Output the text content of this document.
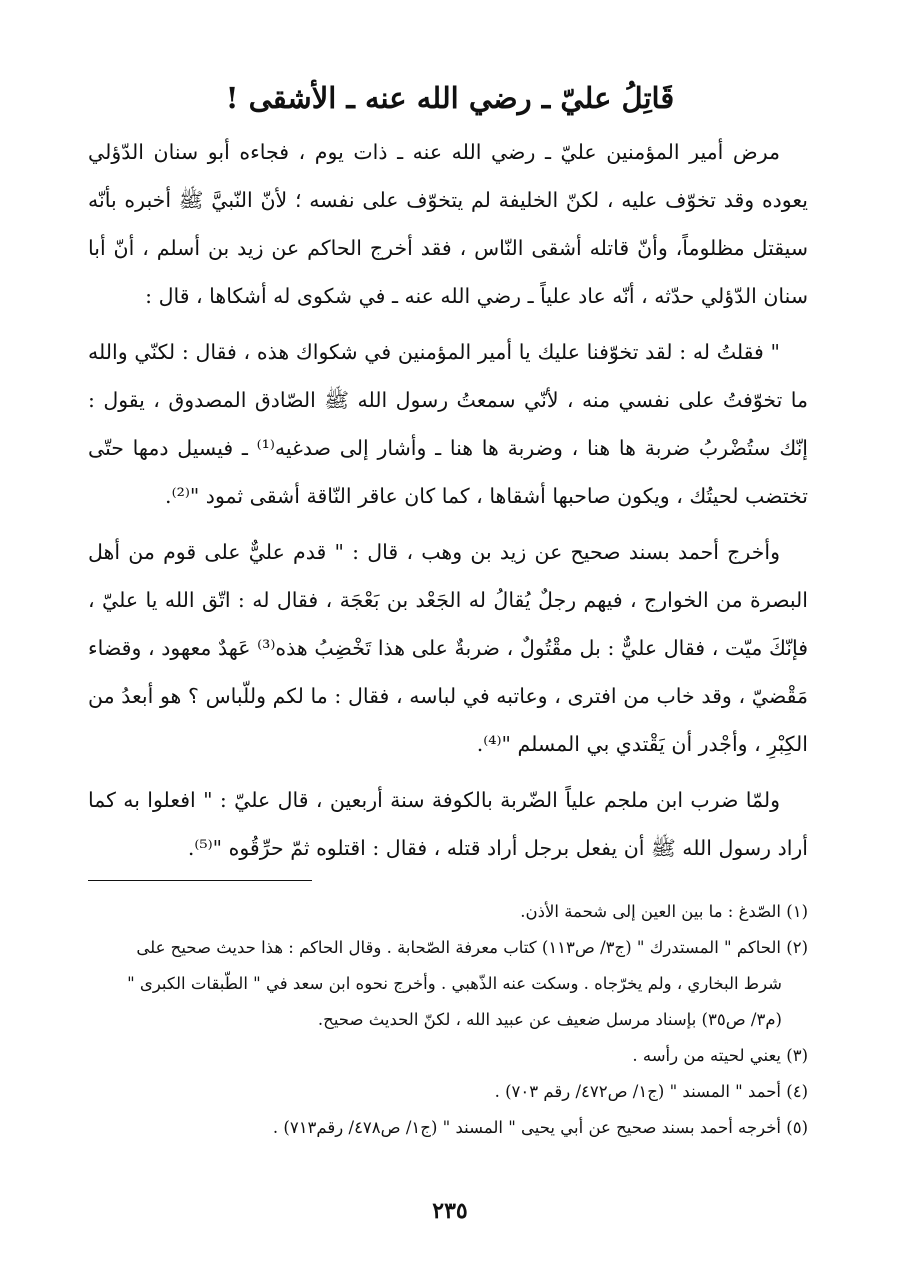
قَاتِلُ عليّ ـ رضي الله عنه ـ الأشقى !

مرض أمير المؤمنين عليّ ـ رضي الله عنه ـ ذات يوم ، فجاءه أبو سنان الدّؤلي يعوده وقد تخوّف عليه ، لكنّ الخليفة لم يتخوّف على نفسه ؛ لأنّ النّبيَّ ﷺ أخبره بأنّه سيقتل مظلوماً، وأنّ قاتله أشقى النّاس ، فقد أخرج الحاكم عن زيد بن أسلم ، أنّ أبا سنان الدّؤلي حدّثه ، أنّه عاد علياً ـ رضي الله عنه ـ في شكوى له أشكاها ، قال :

" فقلتُ له : لقد تخوّفنا عليك يا أمير المؤمنين في شكواك هذه ، فقال : لكنّي والله ما تخوّفتُ على نفسي منه ، لأنّي سمعتُ رسول الله ﷺ الصّادق المصدوق ، يقول : إنّك ستُضْربُ ضربة ها هنا ، وضربة ها هنا ـ وأشار إلى صدغيه⁽¹⁾ ـ فيسيل دمها حتّى تختضب لحيتُك ، ويكون صاحبها أشقاها ، كما كان عاقر النّاقة أشقى ثمود "⁽²⁾.

وأخرج أحمد بسند صحيح عن زيد بن وهب ، قال : " قدم عليٌّ على قوم من أهل البصرة من الخوارج ، فيهم رجلٌ يُقالُ له الجَعْد بن بَعْجَة ، فقال له : اتّق الله يا عليّ ، فإنّكَ ميّت ، فقال عليٌّ : بل مقْتُولٌ ، ضربةٌ على هذا تَخْضِبُ هذه⁽³⁾ عَهدٌ معهود ، وقضاء مَقْضيّ ، وقد خاب من افترى ، وعاتبه في لباسه ، فقال : ما لكم وللّباس ؟ هو أبعدُ من الكِبْرِ ، وأجْدر أن يَقْتدي بي المسلم "⁽⁴⁾.

ولمّا ضرب ابن ملجم علياً الضّربة بالكوفة سنة أربعين ، قال عليّ : " افعلوا به كما أراد رسول الله ﷺ أن يفعل برجل أراد قتله ، فقال : اقتلوه ثمّ حرِّقُوه "⁽⁵⁾.

(١) الصّدغ : ما بين العين إلى شحمة الأذن.

(٢) الحاكم " المستدرك " (ج٣/ ص١١٣) كتاب معرفة الصّحابة . وقال الحاكم : هذا حديث صحيح على

شرط البخاري ، ولم يخرّجاه . وسكت عنه الذّهبي . وأخرج نحوه ابن سعد في " الطّبقات الكبرى "

(م٣/ ص٣٥) بإسناد مرسل ضعيف عن عبيد الله ، لكنّ الحديث صحيح.

(٣) يعني لحيته من رأسه .

(٤) أحمد " المسند " (ج١/ ص٤٧٢/ رقم ٧٠٣) .

(٥) أخرجه أحمد بسند صحيح عن أبي يحيى " المسند " (ج١/ ص٤٧٨/ رقم٧١٣) .

٢٣٥
